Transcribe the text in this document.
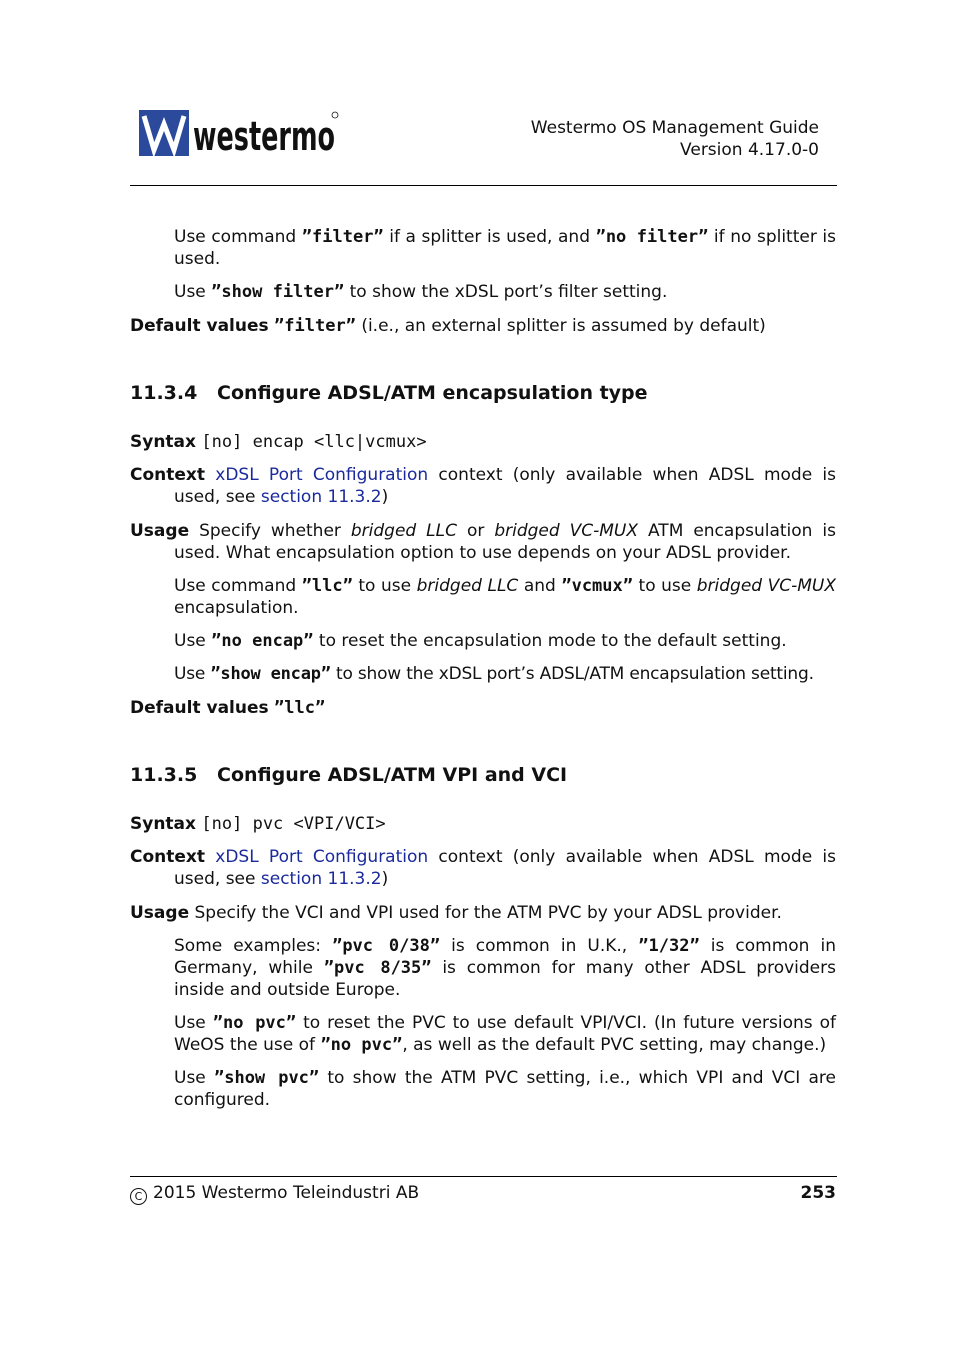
westermo	Westermo OS Management Guide
Version 4.17.0-0
Use command ”filter” if a splitter is used, and ”no filter” if no splitter is used.
Use ”show filter” to show the xDSL port’s filter setting.
Default values ”filter” (i.e., an external splitter is assumed by default)
11.3.4 Configure ADSL/ATM encapsulation type
Syntax [no] encap <llc|vcmux>
Context xDSL Port Configuration context (only available when ADSL mode is used, see section 11.3.2)
Usage Specify whether bridged LLC or bridged VC-MUX ATM encapsulation is used. What encapsulation option to use depends on your ADSL provider.
Use command ”llc” to use bridged LLC and ”vcmux” to use bridged VC-MUX encapsulation.
Use ”no encap” to reset the encapsulation mode to the default setting.
Use ”show encap” to show the xDSL port’s ADSL/ATM encapsulation setting.
Default values ”llc”
11.3.5 Configure ADSL/ATM VPI and VCI
Syntax [no] pvc <VPI/VCI>
Context xDSL Port Configuration context (only available when ADSL mode is used, see section 11.3.2)
Usage Specify the VCI and VPI used for the ATM PVC by your ADSL provider.
Some examples: ”pvc 0/38” is common in U.K., ”1/32” is common in Germany, while ”pvc 8/35” is common for many other ADSL providers inside and outside Europe.
Use ”no pvc” to reset the PVC to use default VPI/VCI. (In future versions of WeOS the use of ”no pvc”, as well as the default PVC setting, may change.)
Use ”show pvc” to show the ATM PVC setting, i.e., which VPI and VCI are configured.
C 2015 Westermo Teleindustri AB	253
